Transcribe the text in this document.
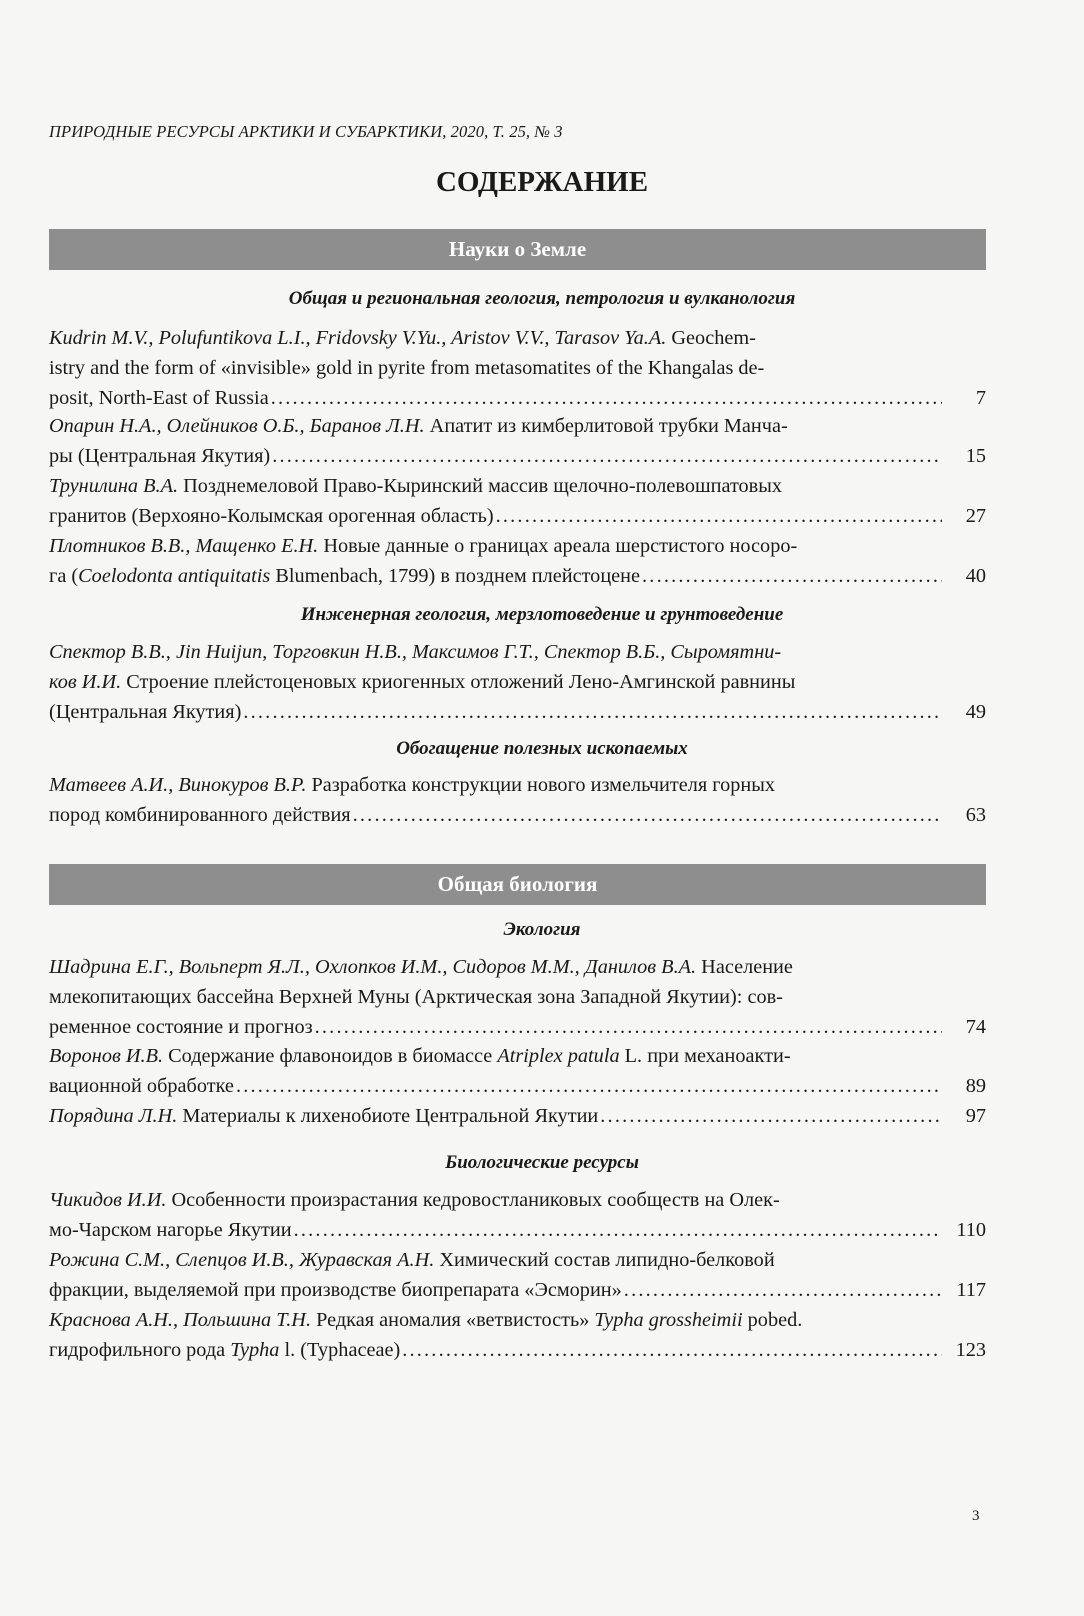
ПРИРОДНЫЕ РЕСУРСЫ АРКТИКИ И СУБАРКТИКИ, 2020, Т. 25, № 3
СОДЕРЖАНИЕ
Науки о Земле
Общая и региональная геология, петрология и вулканология
Kudrin M.V., Polufuntikova L.I., Fridovsky V.Yu., Aristov V.V., Tarasov Ya.A. Geochem-
istry and the form of «invisible» gold in pyrite from metasomatites of the Khangalas de-
posit, North-East of Russia .....	7
Опарин Н.А., Олейников О.Б., Баранов Л.Н. Апатит из кимберлитовой трубки Манча-
ры (Центральная Якутия) .....	15
Трунилина В.А. Позднемеловой Право-Кыринский массив щелочно-полевошпатовых
гранитов (Верхояно-Колымская орогенная область) .....	27
Плотников В.В., Мащенко Е.Н. Новые данные о границах ареала шерстистого носоро-
га (Coelodonta antiquitatis Blumenbach, 1799) в позднем плейстоцене .....	40
Инженерная геология, мерзлотоведение и грунтоведение
Спектор В.В., Jin Huijun, Торговкин Н.В., Максимов Г.Т., Спектор В.Б., Сыромятни-
ков И.И. Строение плейстоценовых криогенных отложений Лено-Амгинской равнины
(Центральная Якутия) .....	49
Обогащение полезных ископаемых
Матвеев А.И., Винокуров В.Р. Разработка конструкции нового измельчителя горных
пород комбинированного действия .....	63
Общая биология
Экология
Шадрина Е.Г., Вольперт Я.Л., Охлопков И.М., Сидоров М.М., Данилов В.А. Население
млекопитающих бассейна Верхней Муны (Арктическая зона Западной Якутии): сов-
ременное состояние и прогноз .....	74
Воронов И.В. Содержание флавоноидов в биомассе Atriplex patula L. при механоакти-
вационной обработке .....	89
Порядина Л.Н. Материалы к лихенобиоте Центральной Якутии .....	97
Биологические ресурсы
Чикидов И.И. Особенности произрастания кедровостланиковых сообществ на Олек-
мо-Чарском нагорье Якутии .....	110
Рожина С.М., Слепцов И.В., Журавская А.Н. Химический состав липидно-белковой
фракции, выделяемой при производстве биопрепарата «Эсморин» .....	117
Краснова А.Н., Польшина Т.Н. Редкая аномалия «ветвистость» Typha grossheimii pobed.
гидрофильного рода Typha l. (Typhaceae) .....	123
3
